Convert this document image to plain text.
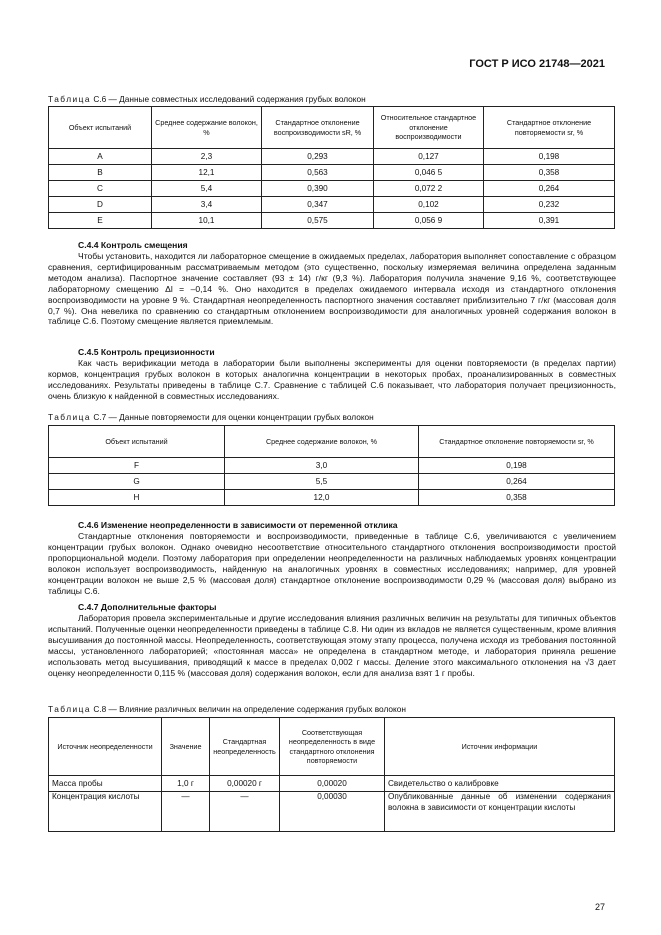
ГОСТ Р ИСО 21748—2021
Таблица С.6 — Данные совместных исследований содержания грубых волокон
Объект испытаний	Среднее содержание волокон, %	Стандартное отклонение воспроизводимости sR, %	Относительное стандартное отклонение воспроизводимости	Стандартное отклонение повторяемости sr, %
A	2,3	0,293	0,127	0,198
B	12,1	0,563	0,046 5	0,358
C	5,4	0,390	0,072 2	0,264
D	3,4	0,347	0,102	0,232
E	10,1	0,575	0,056 9	0,391
С.4.4 Контроль смещения

Чтобы установить, находится ли лабораторное смещение в ожидаемых пределах, лаборатория выполняет сопоставление с образцом сравнения, сертифицированным рассматриваемым методом (это существенно, поскольку измеряемая величина определена заданным методом анализа). Паспортное значение составляет (93 ± 14) г/кг (9,3 %). Лаборатория получила значение 9,16 %, соответствующее лабораторному смещению Δl = –0,14 %. Оно находится в пределах ожидаемого интервала исходя из стандартного отклонения воспроизводимости на уровне 9 %. Стандартная неопределенность паспортного значения составляет приблизительно 7 г/кг (массовая доля 0,7 %). Она невелика по сравнению со стандартным отклонением воспроизводимости для аналогичных уровней содержания волокон в таблице С.6. Поэтому смещение является приемлемым.

С.4.5 Контроль прецизионности

Как часть верификации метода в лаборатории были выполнены эксперименты для оценки повторяемости (в пределах партии) кормов, концентрация грубых волокон в которых аналогична концентрации в некоторых пробах, проанализированных в совместных исследованиях. Результаты приведены в таблице С.7. Сравнение с таблицей С.6 показывает, что лаборатория получает прецизионность, очень близкую к найденной в совместных исследованиях.

Таблица С.7 — Данные повторяемости для оценки концентрации грубых волокон
Объект испытаний	Среднее содержание волокон, %	Стандартное отклонение повторяемости sr, %
F	3,0	0,198
G	5,5	0,264
H	12,0	0,358
С.4.6 Изменение неопределенности в зависимости от переменной отклика

Стандартные отклонения повторяемости и воспроизводимости, приведенные в таблице С.6, увеличиваются с увеличением концентрации грубых волокон. Однако очевидно несоответствие относительного стандартного отклонения воспроизводимости простой пропорциональной модели. Поэтому лаборатория при определении неопределенности на различных наблюдаемых уровнях концентрации волокон использует воспроизводимость, найденную на аналогичных уровнях в совместных исследованиях; например, для уровней концентрации волокон не выше 2,5 % (массовая доля) стандартное отклонение воспроизводимости 0,29 % (массовая доля) выбрано из таблицы С.6.

С.4.7 Дополнительные факторы

Лаборатория провела экспериментальные и другие исследования влияния различных величин на результаты для типичных объектов испытаний. Полученные оценки неопределенности приведены в таблице С.8. Ни один из вкладов не является существенным, кроме влияния высушивания до постоянной массы. Неопределенность, соответствующая этому этапу процесса, получена исходя из требования постоянной массы, установленного лабораторией; «постоянная масса» не определена в стандартном методе, и лаборатория приняла решение использовать метод высушивания, приводящий к массе в пределах 0,002 г массы. Деление этого максимального отклонения на √3 дает оценку неопределенности 0,115 % (массовая доля) содержания волокон, если для анализа взят 1 г пробы.

Таблица С.8 — Влияние различных величин на определение содержания грубых волокон
Источник неопределенности	Значение	Стандартная неопределенность	Соответствующая неопределенность в виде стандартного отклонения повторяемости	Источник информации
Масса пробы	1,0 г	0,00020 г	0,00020	Свидетельство о калибровке
Концентрация кислоты	—	—	0,00030	Опубликованные данные об изменении содержания волокна в зависимости от концентрации кислоты
27
